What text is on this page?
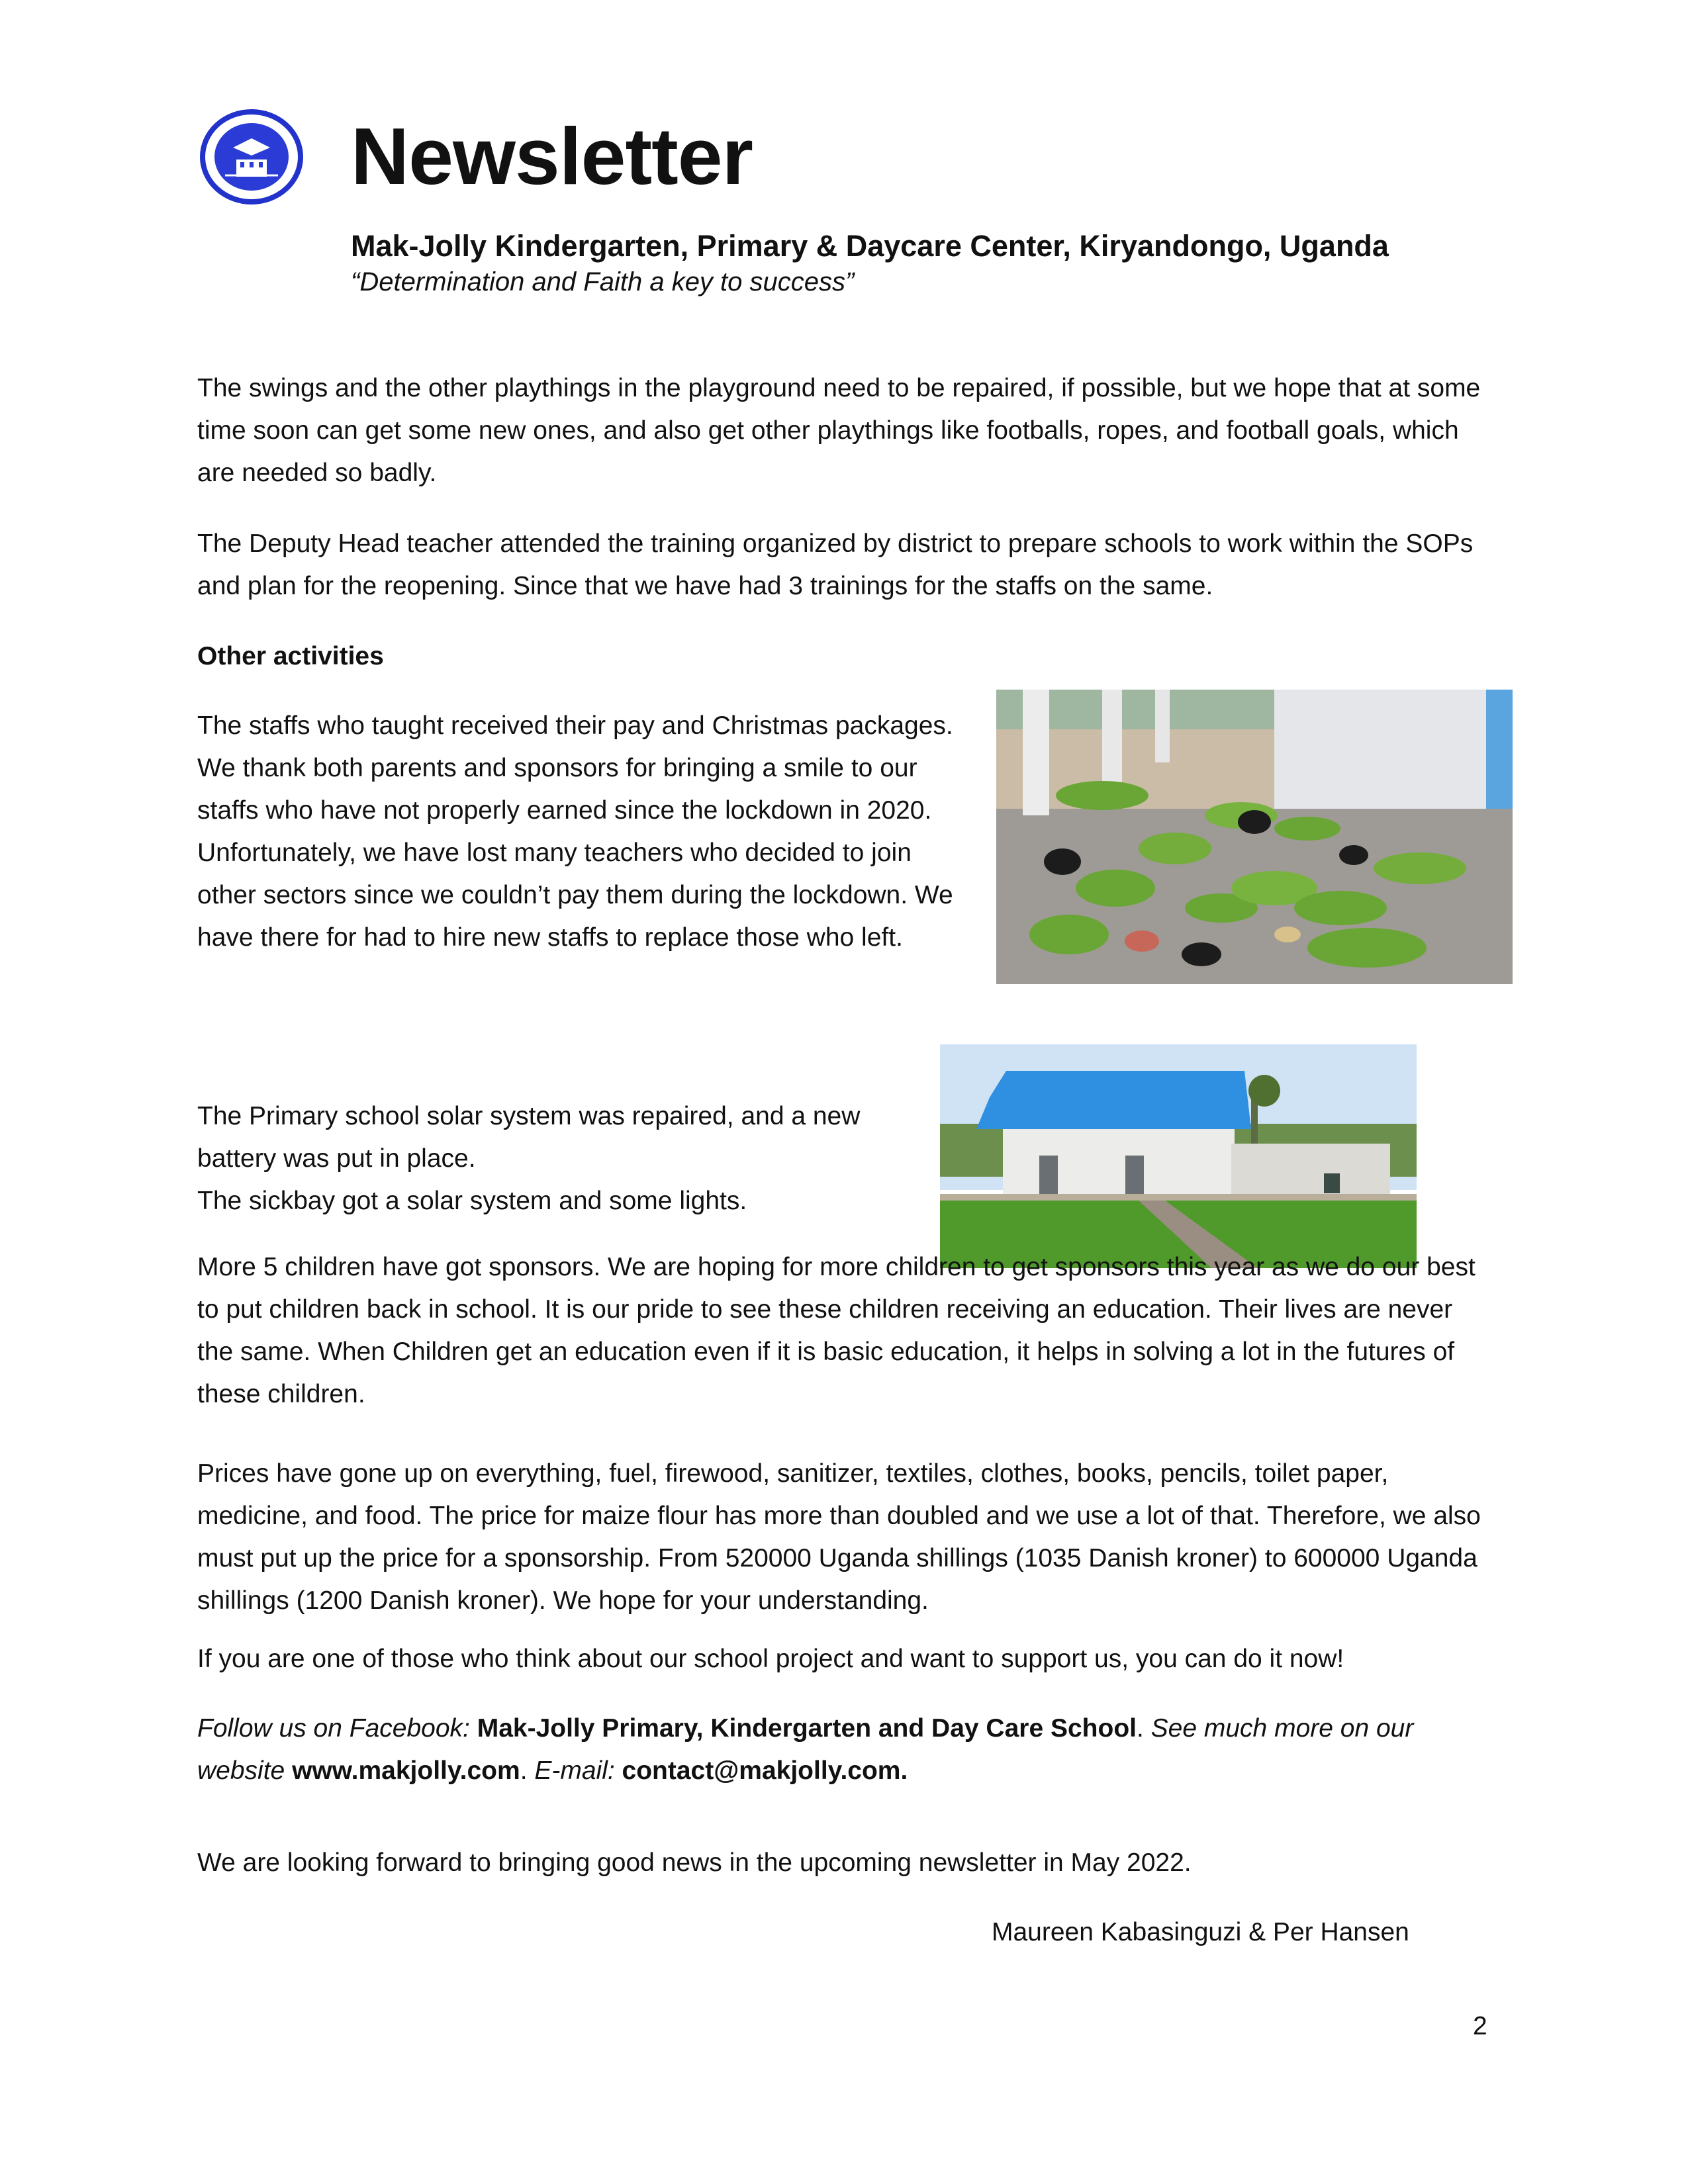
Newsletter
Mak-Jolly Kindergarten, Primary & Daycare Center, Kiryandongo, Uganda
“Determination and Faith a key to success”

The swings and the other playthings in the playground need to be repaired, if possible, but we hope that at some time soon can get some new ones, and also get other playthings like footballs, ropes, and football goals, which are needed so badly.

The Deputy Head teacher attended the training organized by district to prepare schools to work within the SOPs and plan for the reopening. Since that we have had 3 trainings for the staffs on the same.

Other activities

The staffs who taught received their pay and Christmas packages. We thank both parents and sponsors for bringing a smile to our staffs who have not properly earned since the lockdown in 2020. Unfortunately, we have lost many teachers who decided to join other sectors since we couldn’t pay them during the lockdown. We have there for had to hire new staffs to replace those who left.

The Primary school solar system was repaired, and a new battery was put in place.

The sickbay got a solar system and some lights.

More 5 children have got sponsors. We are hoping for more children to get sponsors this year as we do our best to put children back in school. It is our pride to see these children receiving an education. Their lives are never the same. When Children get an education even if it is basic education, it helps in solving a lot in the futures of these children.

Prices have gone up on everything, fuel, firewood, sanitizer, textiles, clothes, books, pencils, toilet paper, medicine, and food. The price for maize flour has more than doubled and we use a lot of that. Therefore, we also must put up the price for a sponsorship. From 520000 Uganda shillings (1035 Danish kroner) to 600000 Uganda shillings (1200 Danish kroner). We hope for your understanding.

If you are one of those who think about our school project and want to support us, you can do it now!

Follow us on Facebook: Mak-Jolly Primary, Kindergarten and Day Care School. See much more on our website www.makjolly.com. E-mail: contact@makjolly.com.

We are looking forward to bringing good news in the upcoming newsletter in May 2022.

Maureen Kabasinguzi & Per Hansen
2
